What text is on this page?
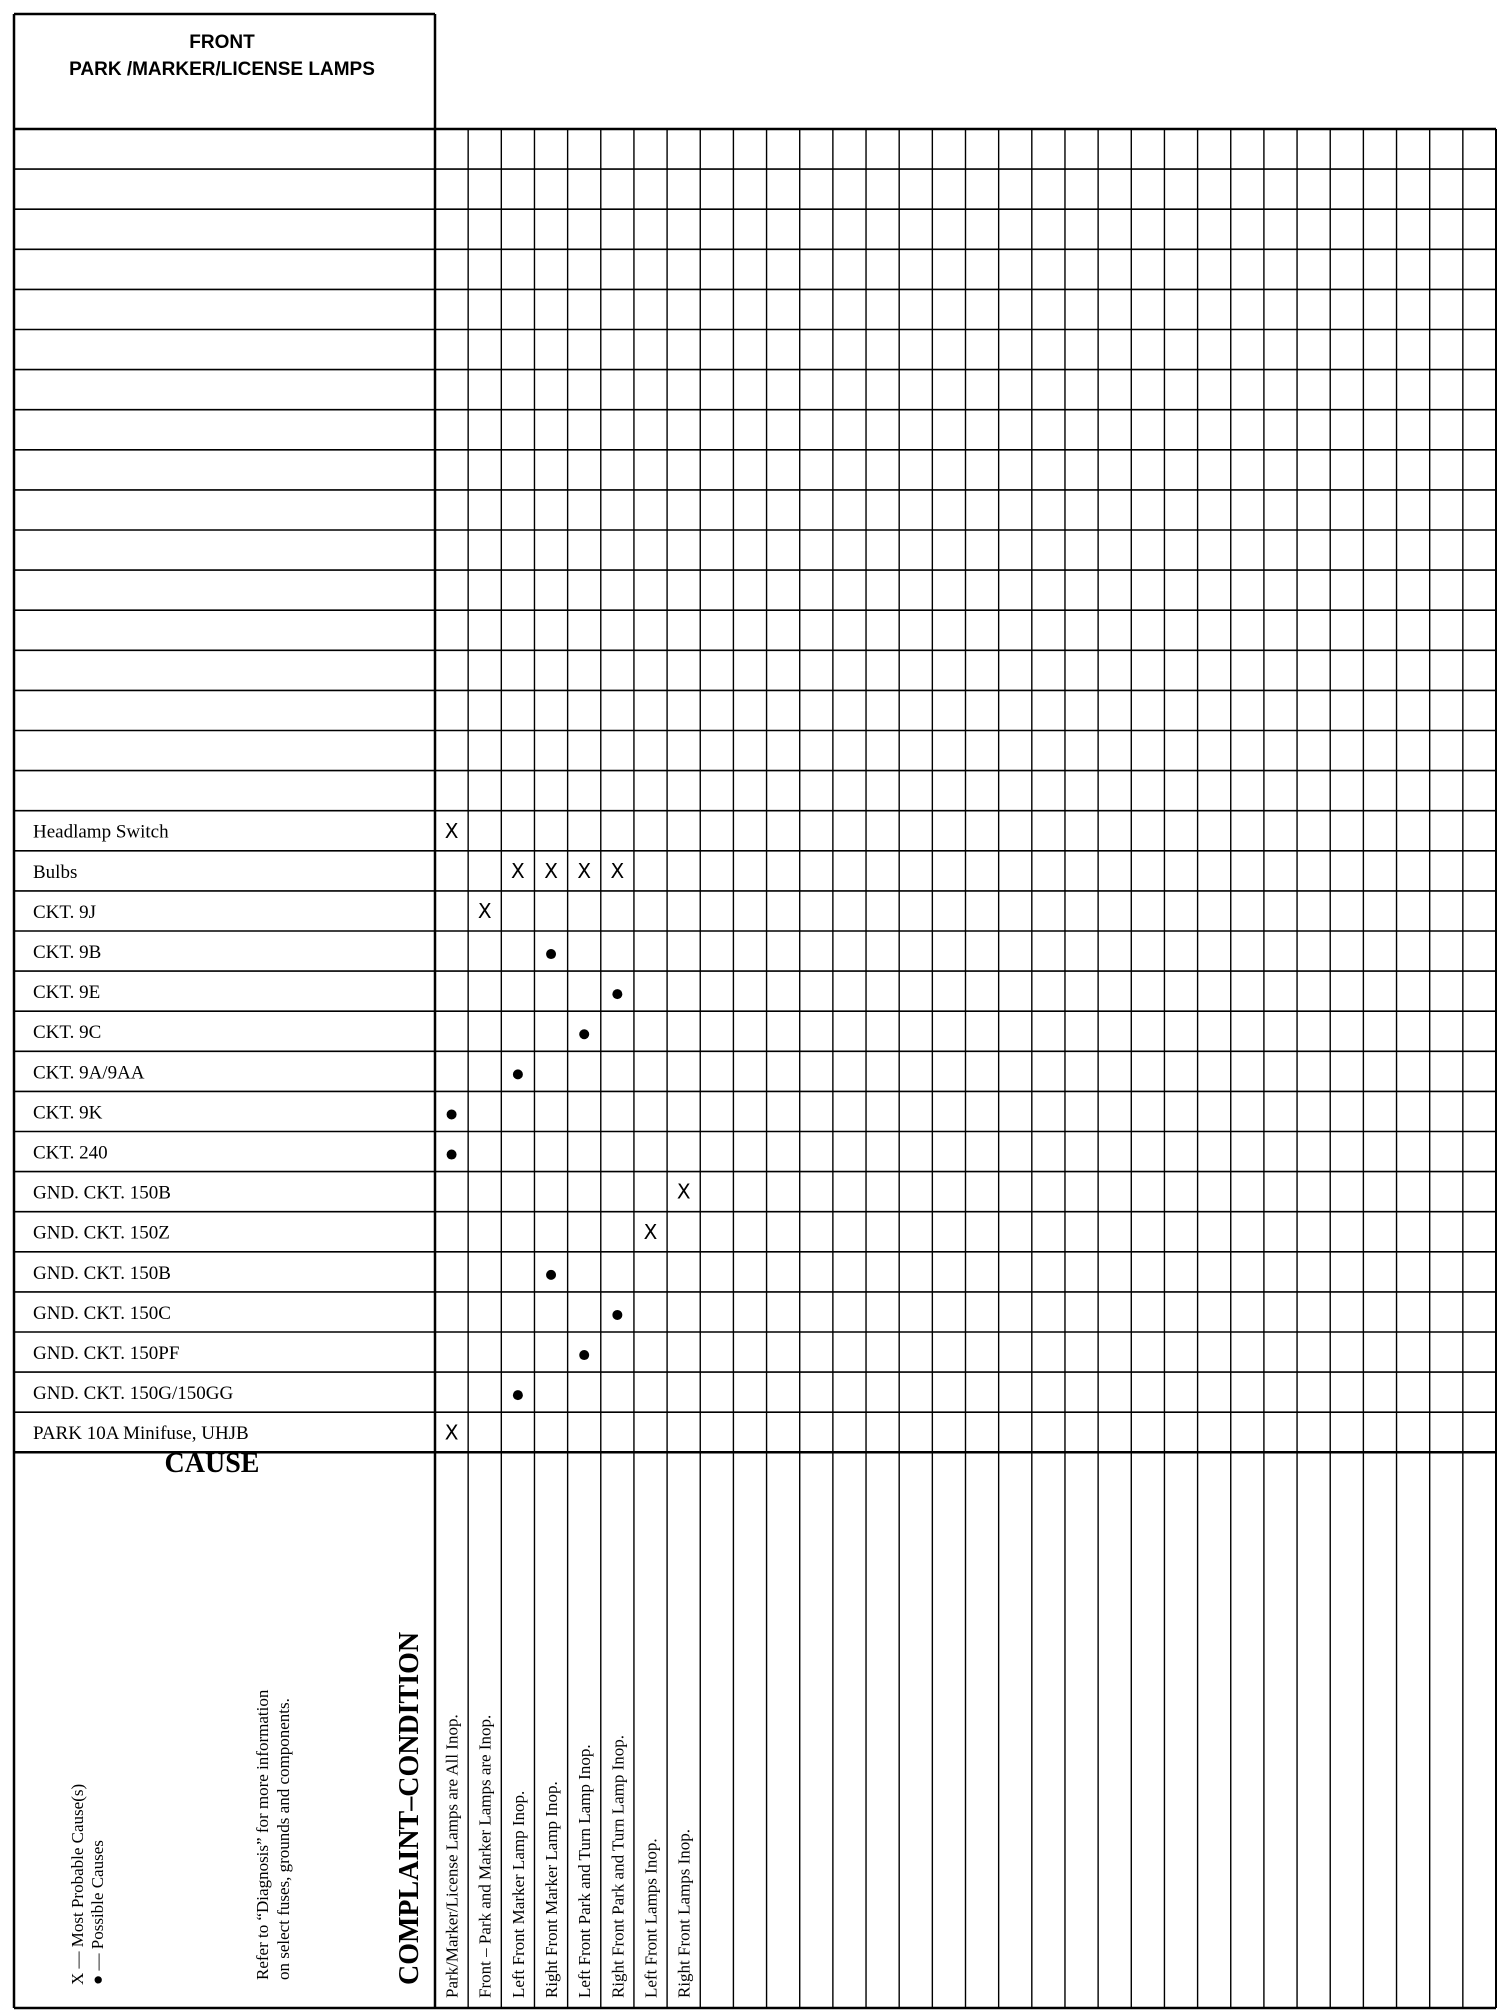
FRONT
PARK /MARKER/LICENSE LAMPS
Headlamp Switch
Bulbs
CKT. 9J
CKT. 9B
CKT. 9E
CKT. 9C
CKT. 9A/9AA
CKT. 9K
CKT. 240
GND. CKT. 150B
GND. CKT. 150Z
GND. CKT. 150B
GND. CKT. 150C
GND. CKT. 150PF
GND. CKT. 150G/150GG
PARK 10A Minifuse, UHJB
X
X X X X
X
X
X
X
Park/Marker/License Lamps are All Inop. Front – Park and Marker Lamps are Inop. Left Front Marker Lamp Inop. Right Front Marker Lamp Inop. Left Front Park and Turn Lamp Inop. Right Front Park and Turn Lamp Inop. Left Front Lamps Inop. Right Front Lamps Inop.
CAUSE
X — Most Probable Cause(s) ● — Possible Causes	Refer to “Diagnosis” for more information on select fuses, grounds and components.	COMPLAINT–CONDITION
